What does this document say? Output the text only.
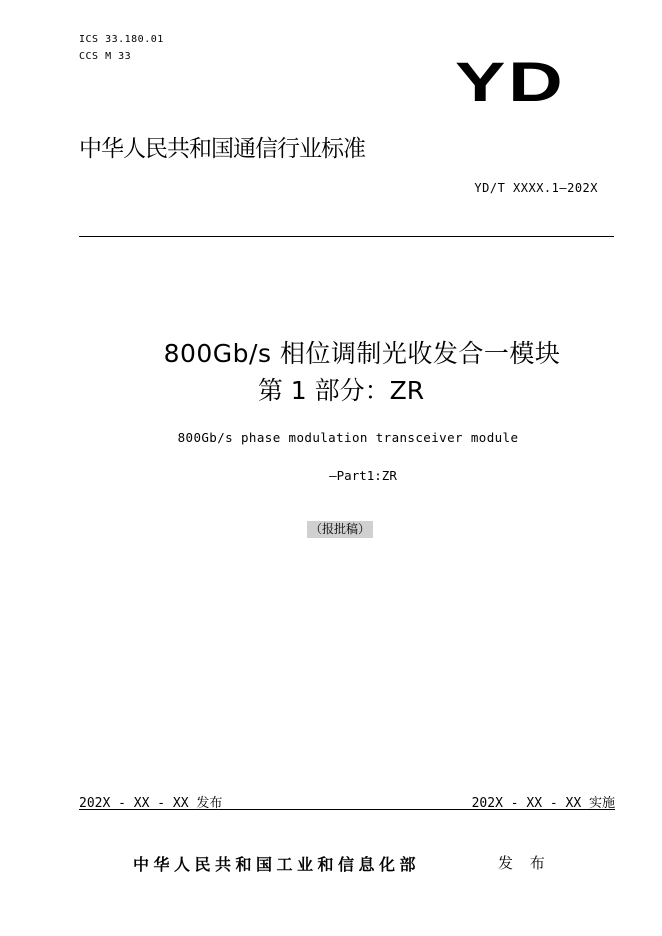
ICS 33.180.01
CCS M 33	YD
中华人民共和国通信行业标准
YD/T XXXX.1—202X
800Gb/s 相位调制光收发合一模块
第 1 部分：ZR
800Gb/s phase modulation transceiver module
—Part1:ZR
（报批稿）
202X - XX - XX 发布	202X - XX - XX 实施
中华人民共和国工业和信息化部	发 布
